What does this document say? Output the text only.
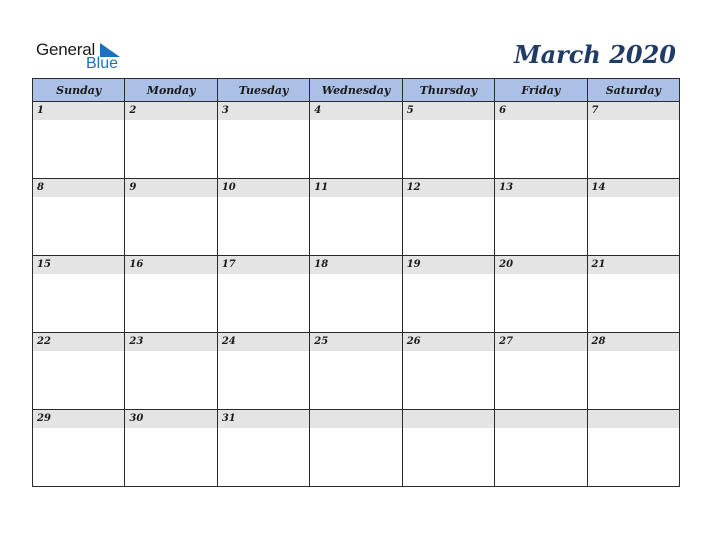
General
Blue	March 2020
Sunday	Monday	Tuesday	Wednesday	Thursday	Friday	Saturday

1	2	3	4	5	6	7

8	9	10	11	12	13	14

15	16	17	18	19	20	21

22	23	24	25	26	27	28

29	30	31				
